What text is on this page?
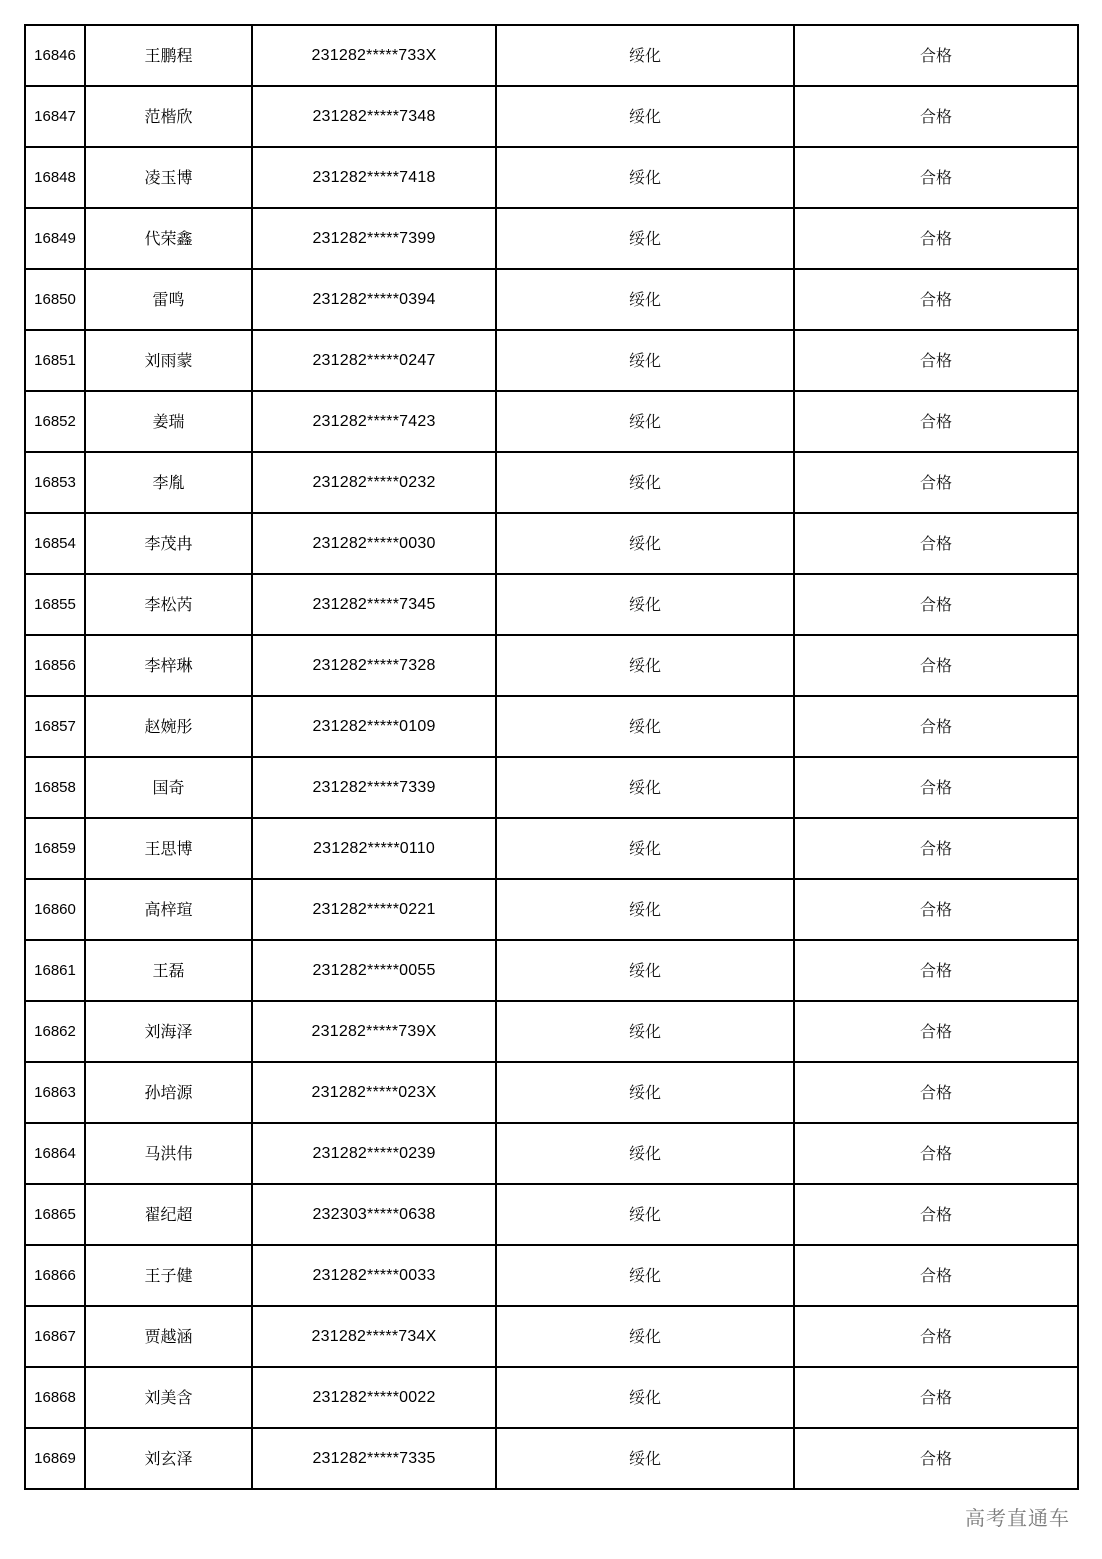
16846	王鹏程	231282*****733X	绥化	合格
16847	范楷欣	231282*****7348	绥化	合格
16848	凌玉博	231282*****7418	绥化	合格
16849	代荣鑫	231282*****7399	绥化	合格
16850	雷鸣	231282*****0394	绥化	合格
16851	刘雨蒙	231282*****0247	绥化	合格
16852	姜瑞	231282*****7423	绥化	合格
16853	李胤	231282*****0232	绥化	合格
16854	李茂冉	231282*****0030	绥化	合格
16855	李松芮	231282*****7345	绥化	合格
16856	李梓琳	231282*****7328	绥化	合格
16857	赵婉彤	231282*****0109	绥化	合格
16858	国奇	231282*****7339	绥化	合格
16859	王思博	231282*****0110	绥化	合格
16860	高梓瑄	231282*****0221	绥化	合格
16861	王磊	231282*****0055	绥化	合格
16862	刘海泽	231282*****739X	绥化	合格
16863	孙培源	231282*****023X	绥化	合格
16864	马洪伟	231282*****0239	绥化	合格
16865	翟纪超	232303*****0638	绥化	合格
16866	王子健	231282*****0033	绥化	合格
16867	贾越涵	231282*****734X	绥化	合格
16868	刘美含	231282*****0022	绥化	合格
16869	刘玄泽	231282*****7335	绥化	合格
高考直通车
